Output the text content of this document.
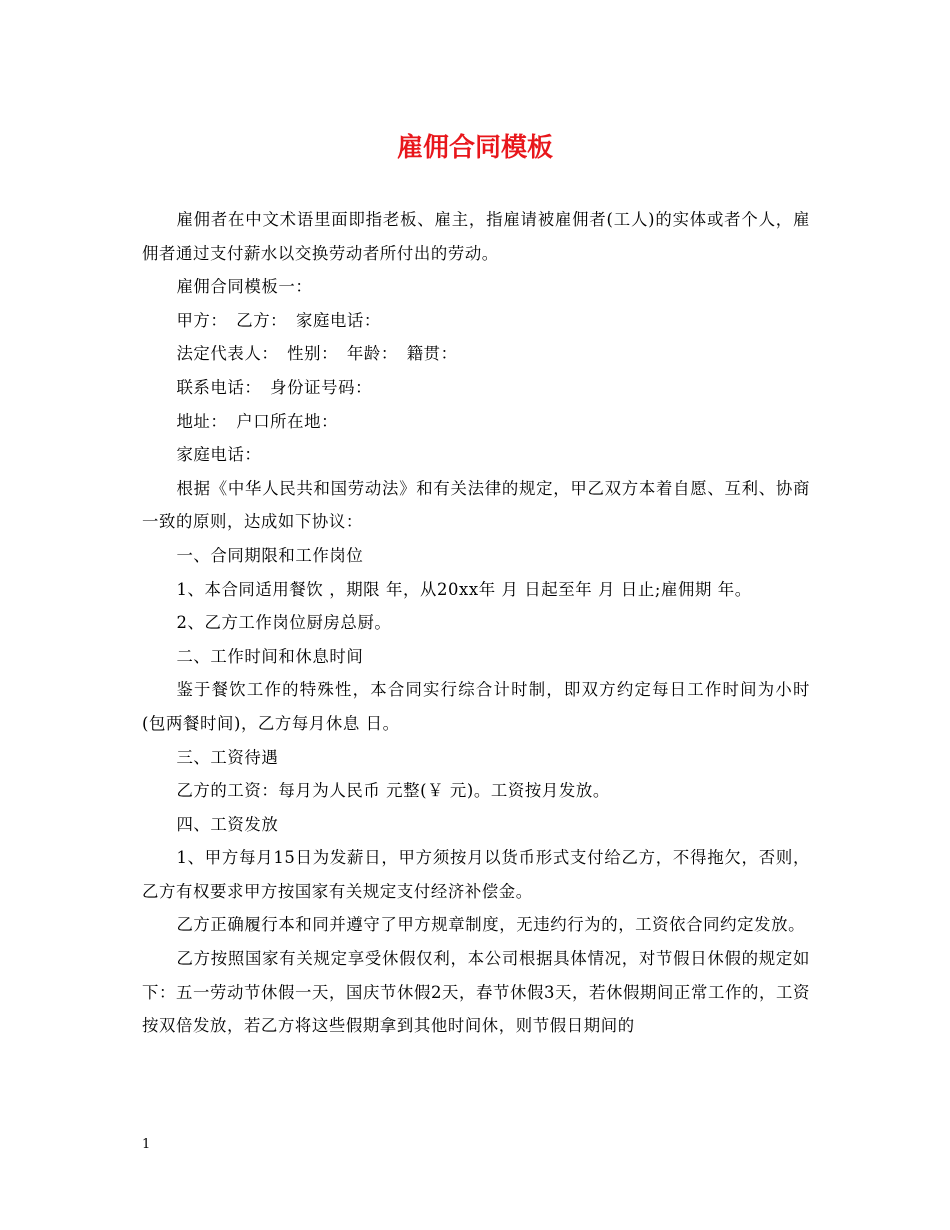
雇佣合同模板

雇佣者在中文术语里面即指老板、雇主，指雇请被雇佣者(工人)的实体或者个人，雇佣者通过支付薪水以交换劳动者所付出的劳动。

雇佣合同模板一：

甲方：　乙方：　家庭电话：

法定代表人：　性别：　年龄：　籍贯：

联系电话：　身份证号码：

地址：　户口所在地：

家庭电话：

根据《中华人民共和国劳动法》和有关法律的规定，甲乙双方本着自愿、互利、协商一致的原则，达成如下协议：

一、合同期限和工作岗位

1、本合同适用餐饮 ，期限 年，从20xx年 月 日起至年 月 日止;雇佣期 年。

2、乙方工作岗位厨房总厨。

二、工作时间和休息时间

鉴于餐饮工作的特殊性，本合同实行综合计时制，即双方约定每日工作时间为小时(包两餐时间)，乙方每月休息 日。

三、工资待遇

乙方的工资：每月为人民币 元整(￥ 元)。工资按月发放。

四、工资发放

1、甲方每月15日为发薪日，甲方须按月以货币形式支付给乙方，不得拖欠，否则，乙方有权要求甲方按国家有关规定支付经济补偿金。

乙方正确履行本和同并遵守了甲方规章制度，无违约行为的，工资依合同约定发放。

乙方按照国家有关规定享受休假仅利，本公司根据具体情况，对节假日休假的规定如下：五一劳动节休假一天，国庆节休假2天，春节休假3天，若休假期间正常工作的，工资按双倍发放，若乙方将这些假期拿到其他时间休，则节假日期间的

1
